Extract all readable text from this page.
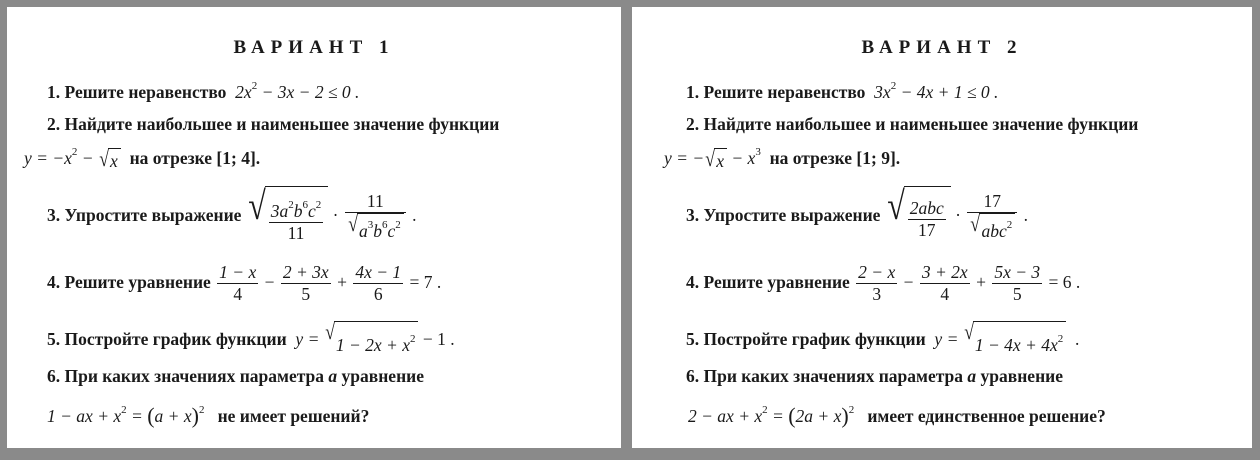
ВАРИАНТ 1
1. Решите неравенство  $2x^2 - 3x - 2 \le 0$ .
2. Найдите наибольшее и наименьшее значение функции
$y = -x^2$ − √ x на отрезке [1; 4].
3. Упростите выражение √ $\frac{3a^2b^6c^2}{11} \cdot \frac{11}{√ a^3b^6c^2}$ .
4. Решите уравнение $\frac{1 - x}{4} - \frac{2 + 3x}{5} + \frac{4x - 1}{6} = 7$ .
5. Постройте график функции  y = √
$1 - 2x + x^2 - 1$ .
6. При каких значениях параметра a уравнение
1 − ax + $x^2 = (a + x)^2$   не имеет решений?
ВАРИАНТ 2
1. Решите неравенство  $3x^2 - 4x + 1 \le 0$ .
2. Найдите наибольшее и наименьшее значение функции
y = − √ $x - x^3$  на отрезке [1; 9].
3. Упростите выражение √ $\frac{\text{2abc}}{17} \cdot \frac{17}{√ abc^2}$ .
4. Решите уравнение $\frac{2 - x}{3} - \frac{3 + 2x}{4} + \frac{5x - 3}{5} = 6$ .
5. Постройте график функции  y = √
$1 - 4x + 4x^2$ .
6. При каких значениях параметра a уравнение
2 − ax + $x^2 = (2a + x)^2$   имеет единственное решение?
